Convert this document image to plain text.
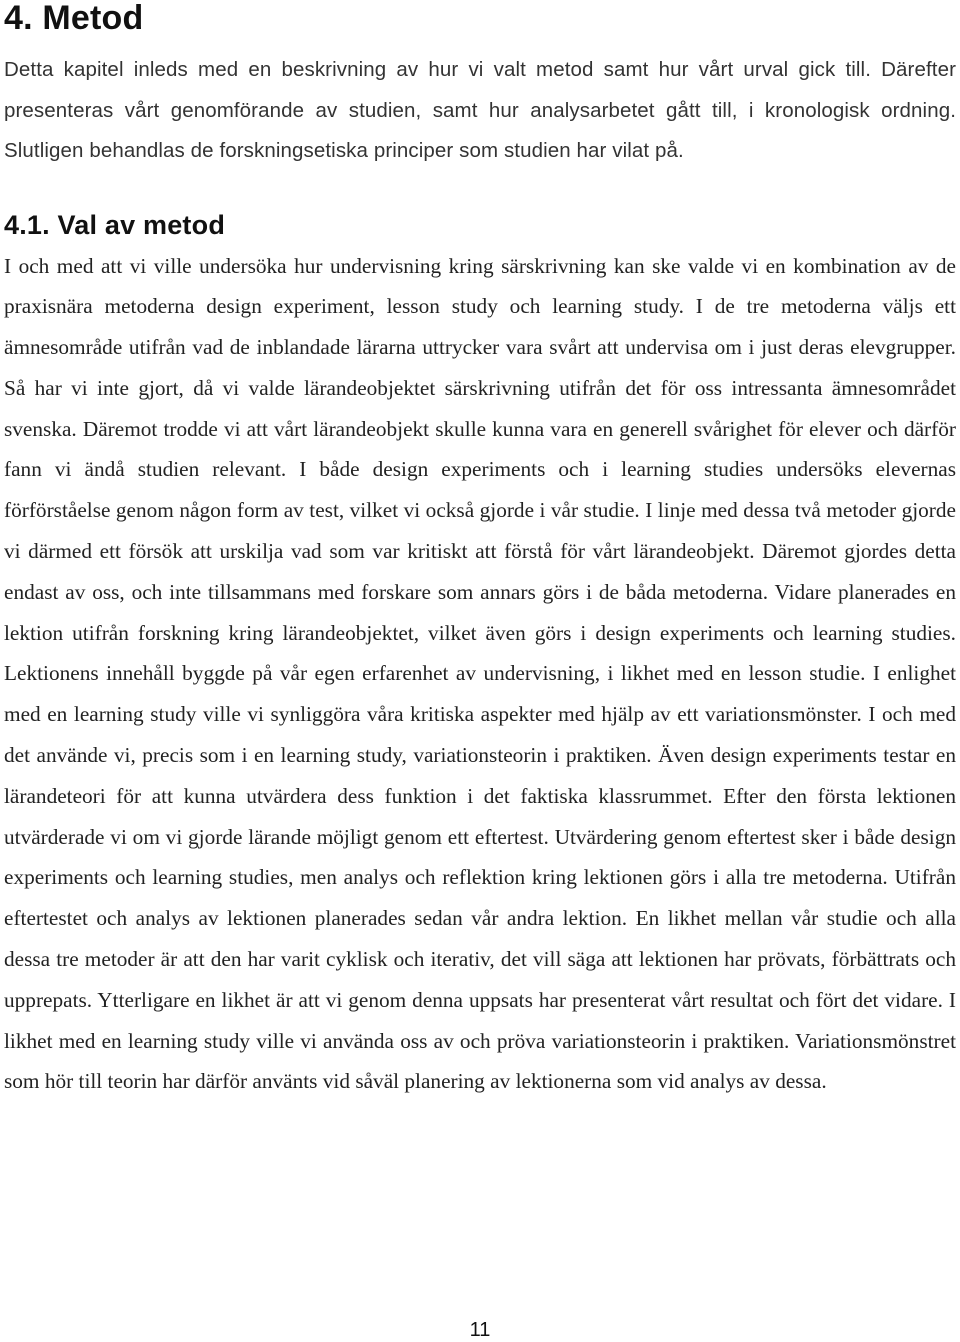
4. Metod

Detta kapitel inleds med en beskrivning av hur vi valt metod samt hur vårt urval gick till. Därefter presenteras vårt genomförande av studien, samt hur analysarbetet gått till, i kronologisk ordning. Slutligen behandlas de forskningsetiska principer som studien har vilat på.

4.1. Val av metod

I och med att vi ville undersöka hur undervisning kring särskrivning kan ske valde vi en kombination av de praxisnära metoderna design experiment, lesson study och learning study. I de tre metoderna väljs ett ämnesområde utifrån vad de inblandade lärarna uttrycker vara svårt att undervisa om i just deras elevgrupper. Så har vi inte gjort, då vi valde lärandeobjektet särskrivning utifrån det för oss intressanta ämnesområdet svenska. Däremot trodde vi att vårt lärandeobjekt skulle kunna vara en generell svårighet för elever och därför fann vi ändå studien relevant. I både design experiments och i learning studies undersöks elevernas förförståelse genom någon form av test, vilket vi också gjorde i vår studie. I linje med dessa två metoder gjorde vi därmed ett försök att urskilja vad som var kritiskt att förstå för vårt lärandeobjekt. Däremot gjordes detta endast av oss, och inte tillsammans med forskare som annars görs i de båda metoderna. Vidare planerades en lektion utifrån forskning kring lärandeobjektet, vilket även görs i design experiments och learning studies. Lektionens innehåll byggde på vår egen erfarenhet av undervisning, i likhet med en lesson studie. I enlighet med en learning study ville vi synliggöra våra kritiska aspekter med hjälp av ett variationsmönster. I och med det använde vi, precis som i en learning study, variationsteorin i praktiken. Även design experiments testar en lärandeteori för att kunna utvärdera dess funktion i det faktiska klassrummet. Efter den första lektionen utvärderade vi om vi gjorde lärande möjligt genom ett eftertest. Utvärdering genom eftertest sker i både design experiments och learning studies, men analys och reflektion kring lektionen görs i alla tre metoderna. Utifrån eftertestet och analys av lektionen planerades sedan vår andra lektion. En likhet mellan vår studie och alla dessa tre metoder är att den har varit cyklisk och iterativ, det vill säga att lektionen har prövats, förbättrats och upprepats. Ytterligare en likhet är att vi genom denna uppsats har presenterat vårt resultat och fört det vidare. I likhet med en learning study ville vi använda oss av och pröva variationsteorin i praktiken. Variationsmönstret som hör till teorin har därför använts vid såväl planering av lektionerna som vid analys av dessa.

11
